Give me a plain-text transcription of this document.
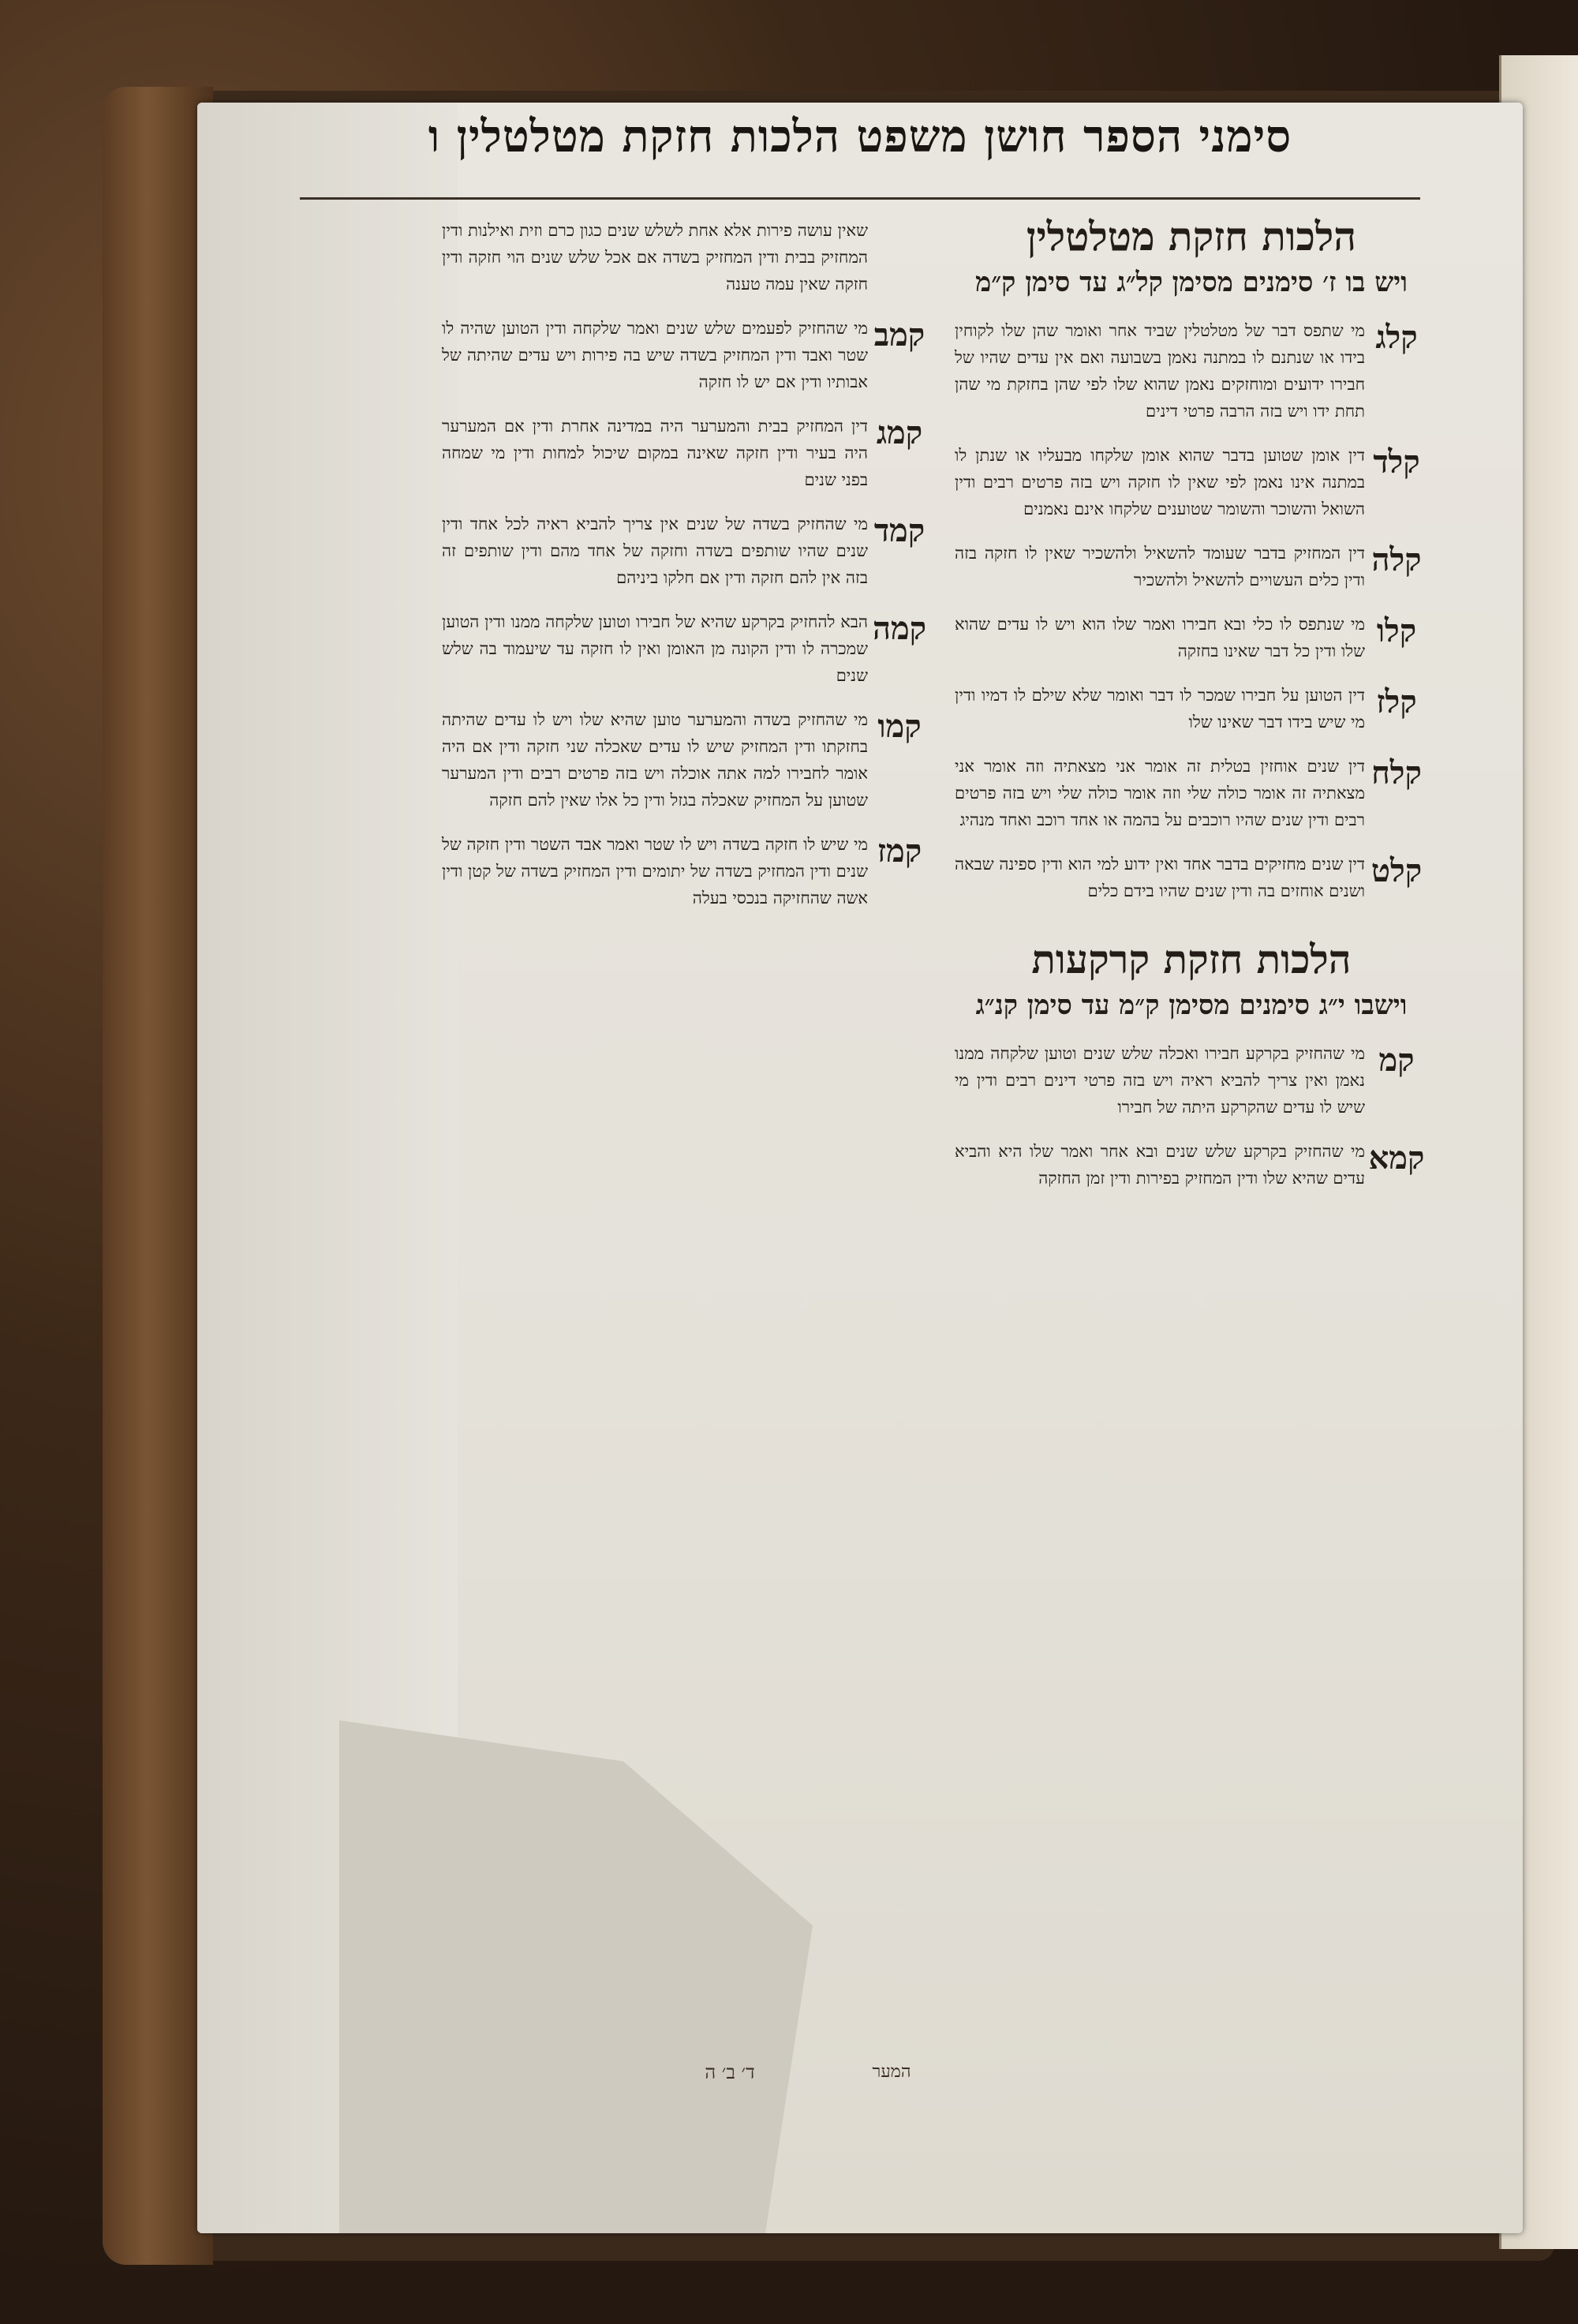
סימני הספר חושן משפט הלכות חזקת מטלטלין ו
הלכות חזקת מטלטלין
ויש בו ז׳ סימנים מסימן קל״ג עד סימן ק״מ
קלג
מי שתפס דבר של מטלטלין שביד אחר ואומר שהן שלו לקוחין בידו או שנתנם לו במתנה נאמן בשבועה ואם אין עדים שהיו של חבירו ידועים ומוחזקים נאמן שהוא שלו לפי שהן בחזקת מי שהן תחת ידו ויש בזה הרבה פרטי דינים
קלד
דין אומן שטוען בדבר שהוא אומן שלקחו מבעליו או שנתן לו במתנה אינו נאמן לפי שאין לו חזקה ויש בזה פרטים רבים ודין השואל והשוכר והשומר שטוענים שלקחו אינם נאמנים
קלה
דין המחזיק בדבר שעומד להשאיל ולהשכיר שאין לו חזקה בזה ודין כלים העשויים להשאיל ולהשכיר
קלו
מי שנתפס לו כלי ובא חבירו ואמר שלו הוא ויש לו עדים שהוא שלו ודין כל דבר שאינו בחזקה
קלז
דין הטוען על חבירו שמכר לו דבר ואומר שלא שילם לו דמיו ודין מי שיש בידו דבר שאינו שלו
קלח
דין שנים אוחזין בטלית זה אומר אני מצאתיה וזה אומר אני מצאתיה זה אומר כולה שלי וזה אומר כולה שלי ויש בזה פרטים רבים ודין שנים שהיו רוכבים על בהמה או אחד רוכב ואחד מנהיג
קלט
דין שנים מחזיקים בדבר אחד ואין ידוע למי הוא ודין ספינה שבאה ושנים אוחזים בה ודין שנים שהיו בידם כלים
הלכות חזקת קרקעות
וישבו י״ג סימנים מסימן ק״מ עד סימן קנ״ג
קמ
מי שהחזיק בקרקע חבירו ואכלה שלש שנים וטוען שלקחה ממנו נאמן ואין צריך להביא ראיה ויש בזה פרטי דינים רבים ודין מי שיש לו עדים שהקרקע היתה של חבירו
קמא
מי שהחזיק בקרקע שלש שנים ובא אחר ואמר שלו היא והביא עדים שהיא שלו ודין המחזיק בפירות ודין זמן החזקה
שאין עושה פירות אלא אחת לשלש שנים כגון כרם וזית ואילנות ודין המחזיק בבית ודין המחזיק בשדה אם אכל שלש שנים הוי חזקה ודין חזקה שאין עמה טענה
קמב
מי שהחזיק לפעמים שלש שנים ואמר שלקחה ודין הטוען שהיה לו שטר ואבד ודין המחזיק בשדה שיש בה פירות ויש עדים שהיתה של אבותיו ודין אם יש לו חזקה
קמג
דין המחזיק בבית והמערער היה במדינה אחרת ודין אם המערער היה בעיר ודין חזקה שאינה במקום שיכול למחות ודין מי שמחה בפני שנים
קמד
מי שהחזיק בשדה של שנים אין צריך להביא ראיה לכל אחד ודין שנים שהיו שותפים בשדה וחזקה של אחד מהם ודין שותפים זה בזה אין להם חזקה ודין אם חלקו ביניהם
קמה
הבא להחזיק בקרקע שהיא של חבירו וטוען שלקחה ממנו ודין הטוען שמכרה לו ודין הקונה מן האומן ואין לו חזקה עד שיעמוד בה שלש שנים
קמו
מי שהחזיק בשדה והמערער טוען שהיא שלו ויש לו עדים שהיתה בחזקתו ודין המחזיק שיש לו עדים שאכלה שני חזקה ודין אם היה אומר לחבירו למה אתה אוכלה ויש בזה פרטים רבים ודין המערער שטוען על המחזיק שאכלה בגזל ודין כל אלו שאין להם חזקה
קמז
מי שיש לו חזקה בשדה ויש לו שטר ואמר אבד השטר ודין חזקה של שנים ודין המחזיק בשדה של יתומים ודין המחזיק בשדה של קטן ודין אשה שהחזיקה בנכסי בעלה
ד׳ ב׳ ה	המער
